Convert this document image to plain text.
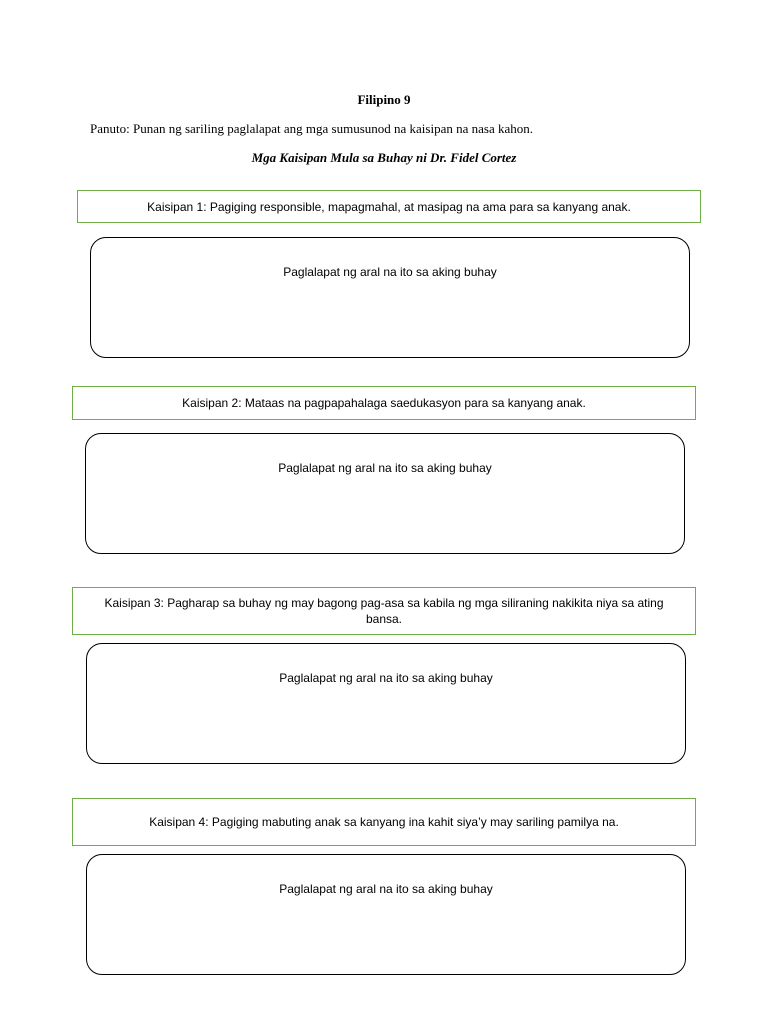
Filipino 9
Panuto: Punan ng sariling paglalapat ang mga sumusunod na kaisipan na nasa kahon.
Mga Kaisipan Mula sa Buhay ni Dr. Fidel Cortez
Kaisipan 1: Pagiging responsible, mapagmahal, at masipag na ama para sa kanyang anak.
Paglalapat ng aral na ito sa aking buhay
Kaisipan 2: Mataas na pagpapahalaga saedukasyon para sa kanyang anak.
Paglalapat ng aral na ito sa aking buhay
Kaisipan 3: Pagharap sa buhay ng may bagong pag-asa sa kabila ng mga siliraning nakikita niya sa ating bansa.
Paglalapat ng aral na ito sa aking buhay
Kaisipan 4: Pagiging mabuting anak sa kanyang ina kahit siya’y may sariling pamilya na.
Paglalapat ng aral na ito sa aking buhay
